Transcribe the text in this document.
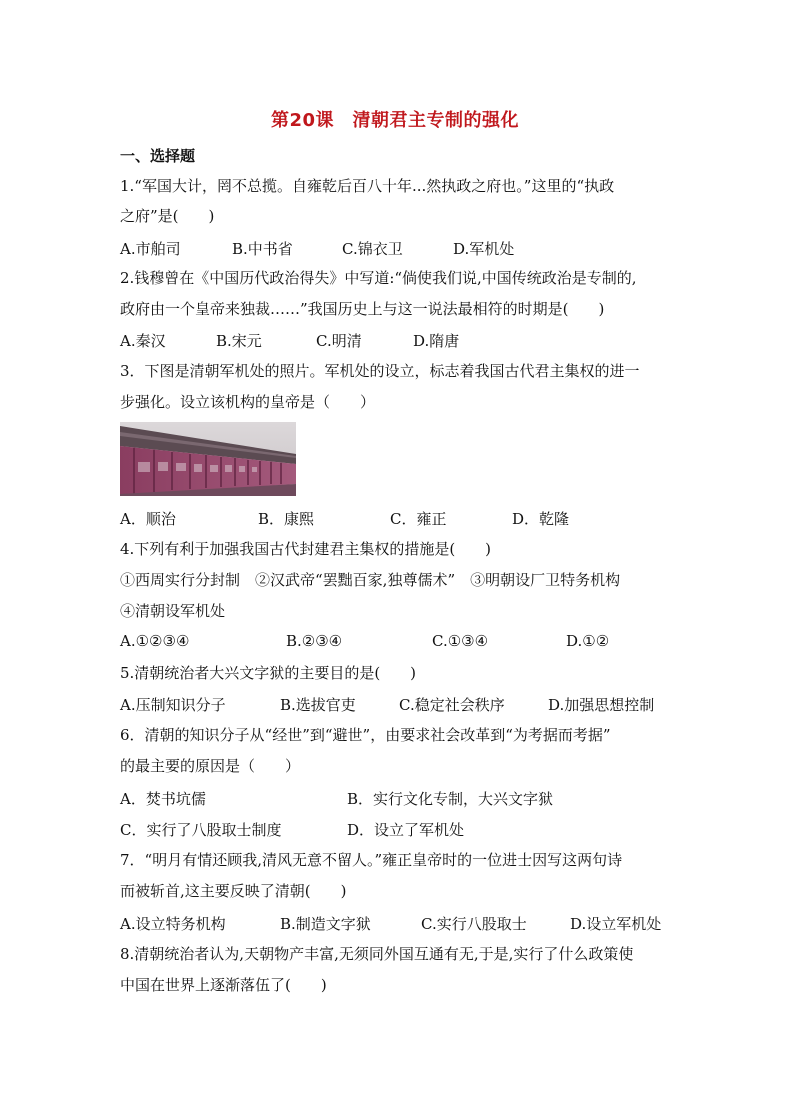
第20课　清朝君主专制的强化
一、选择题
1.“军国大计，罔不总揽。自雍乾后百八十年...然执政之府也。”这里的“执政
之府”是(　　)
A.市舶司	B.中书省	C.锦衣卫	D.军机处
2.钱穆曾在《中国历代政治得失》中写道:“倘使我们说,中国传统政治是专制的,
政府由一个皇帝来独裁……”我国历史上与这一说法最相符的时期是(　　)
A.秦汉	B.宋元	C.明清	D.隋唐
3．下图是清朝军机处的照片。军机处的设立，标志着我国古代君主集权的进一
步强化。设立该机构的皇帝是（　　）
A．顺治	B．康熙	C．雍正	D．乾隆
4.下列有利于加强我国古代封建君主集权的措施是(　　)
①西周实行分封制　②汉武帝“罢黜百家,独尊儒术”　③明朝设厂卫特务机构
④清朝设军机处
A.①②③④	B.②③④	C.①③④	D.①②
5.清朝统治者大兴文字狱的主要目的是(　　)
A.压制知识分子	B.选拔官吏	C.稳定社会秩序	D.加强思想控制
6．清朝的知识分子从“经世”到“避世”，由要求社会改革到“为考据而考据”
的最主要的原因是（　　）
A．焚书坑儒	B．实行文化专制，大兴文字狱
C．实行了八股取士制度	D．设立了军机处
7．“明月有情还顾我,清风无意不留人。”雍正皇帝时的一位进士因写这两句诗
而被斩首,这主要反映了清朝(　　)
A.设立特务机构	B.制造文字狱	C.实行八股取士	D.设立军机处
8.清朝统治者认为,天朝物产丰富,无须同外国互通有无,于是,实行了什么政策使
中国在世界上逐渐落伍了(　　)
